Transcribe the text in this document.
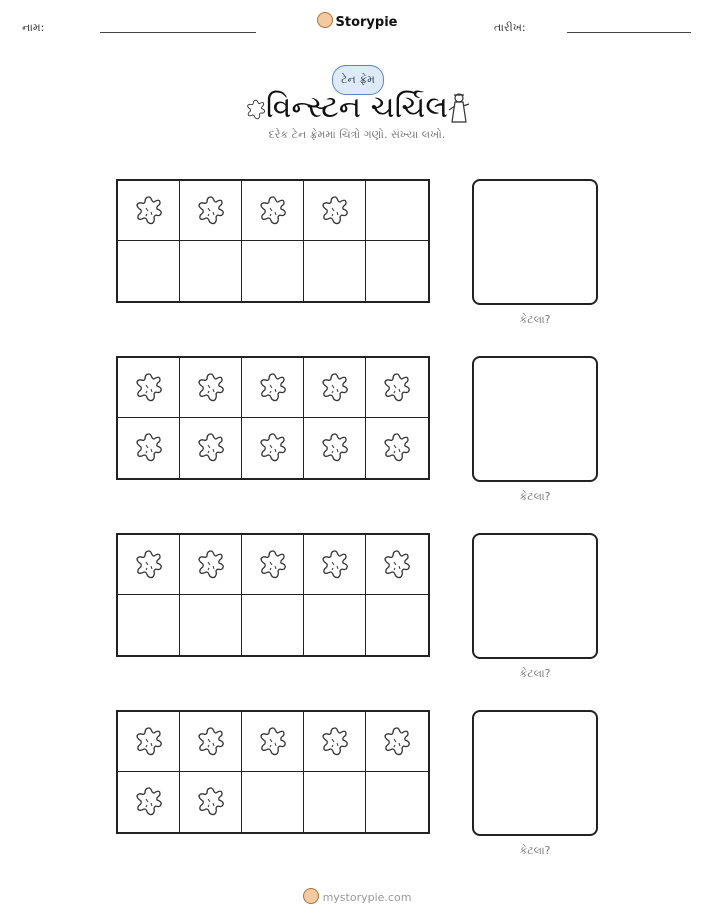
નામ:	Storypie	તારીખ:
ટેન ફ્રેમ
વિન્સ્ટન ચર્ચિલ
દરેક ટેન ફ્રેમમાં ચિત્રો ગણો. સંખ્યા લખો.
કેટલા?
કેટલા?
કેટલા?
કેટલા?
mystorypie.com
